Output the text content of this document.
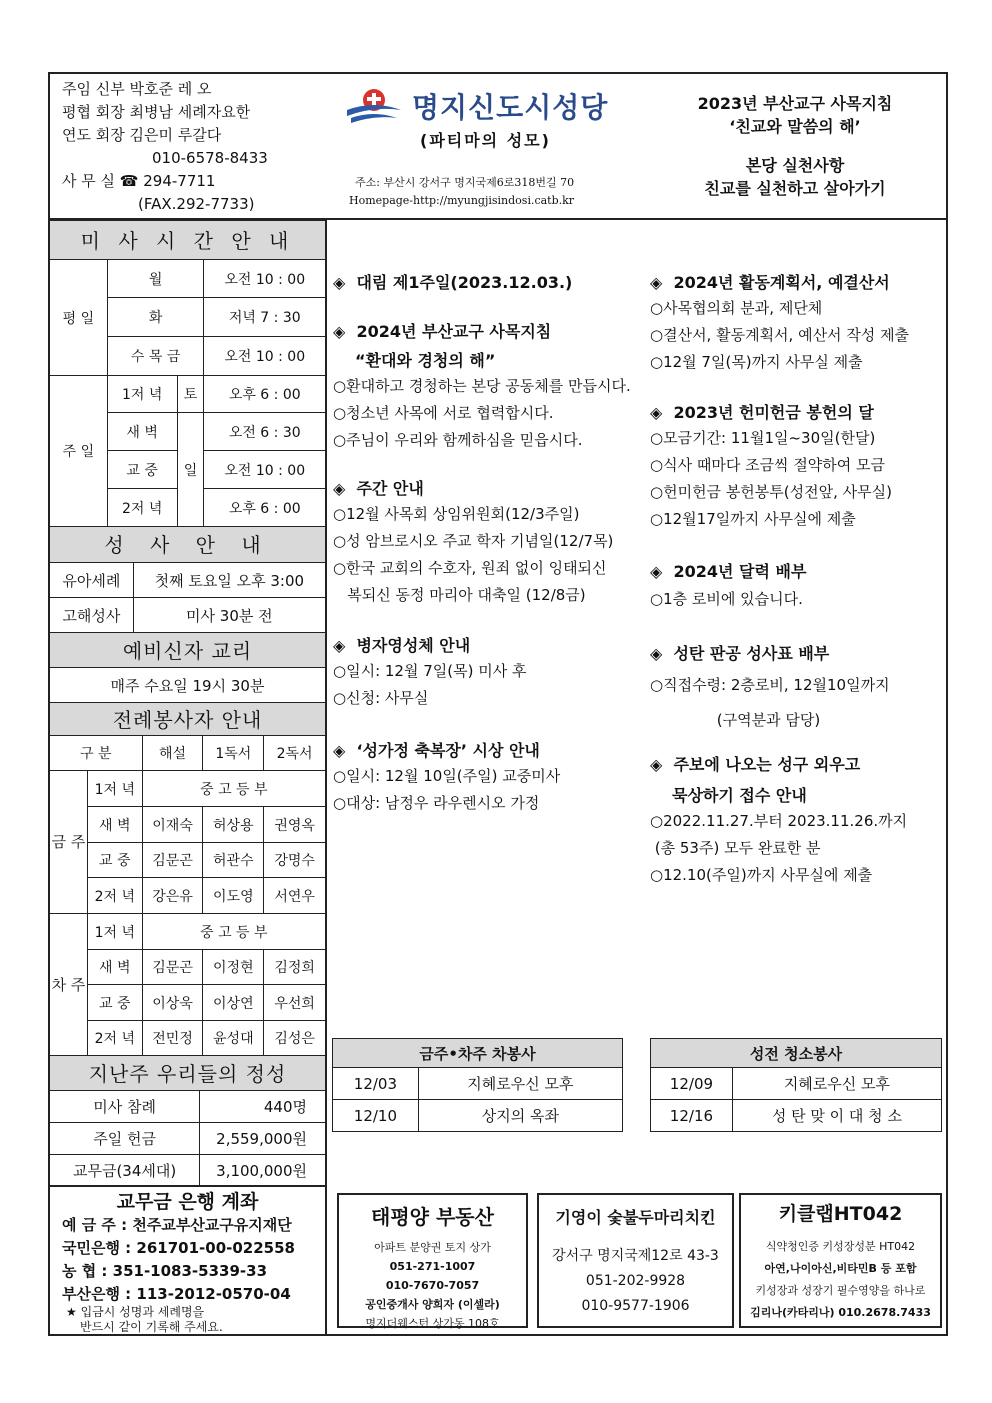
주임 신부 박호준 레 오
평협 회장 최병남 세례자요한
연도 회장 김은미 루갈다
010-6578-8433
사 무 실 ☎ 294-7711
(FAX.292-7733)
명지신도시성당
(파티마의 성모)
주소: 부산시 강서구 명지국제6로318번길 70
Homepage-http://myungjisindosi.catb.kr
2023년 부산교구 사목지침
‘친교와 말씀의 해’
본당 실천사항
친교를 실천하고 살아가기
미 사 시 간 안 내
평 일	월		오전 10 : 00
	화		저녁 7 : 30
	수 목 금		오전 10 : 00
주 일	1저 녁	토	오후 6 : 00
	새 벽	일	오전 6 : 30
	교 중		오전 10 : 00
	2저 녁		오후 6 : 00
성 사 안 내
유아세례	첫째 토요일 오후 3:00
고해성사	미사 30분 전
예비신자 교리
매주 수요일 19시 30분
전례봉사자 안내
구 분		해설	1독서	2독서
금 주	1저 녁	중 고 등 부		
	새 벽	이재숙	허상용	권영옥
	교 중	김문곤	허관수	강명수
	2저 녁	강은유	이도영	서연우
차 주	1저 녁	중 고 등 부		
	새 벽	김문곤	이정현	김정희
	교 중	이상욱	이상연	우선희
	2저 녁	전민정	윤성대	김성은
지난주 우리들의 정성
미사 참례	440명
주일 헌금	2,559,000원
교무금(34세대)	3,100,000원
교무금 은행 계좌
예 금 주 : 천주교부산교구유지재단
국민은행 : 261701-00-022558
농 협 : 351-1083-5339-33
부산은행 : 113-2012-0570-04
★ 입금시 성명과 세례명을
반드시 같이 기록해 주세요.
◈  대림 제1주일(2023.12.03.)
◈  2024년 부산교구 사목지침
“환대와 경청의 해”
○환대하고 경청하는 본당 공동체를 만듭시다.
○청소년 사목에 서로 협력합시다.
○주님이 우리와 함께하심을 믿읍시다.
◈  주간 안내
○12월 사목회 상임위원회(12/3주일)
○성 암브로시오 주교 학자 기념일(12/7목)
○한국 교회의 수호자, 원죄 없이 잉태되신
복되신 동정 마리아 대축일 (12/8금)
◈  병자영성체 안내
○일시: 12월 7일(목) 미사 후
○신청: 사무실
◈  ‘성가정 축복장’ 시상 안내
○일시: 12월 10일(주일) 교중미사
○대상: 남정우 라우렌시오 가정
◈  2024년 활동계획서, 예결산서
○사목협의회 분과, 제단체
○결산서, 활동계획서, 예산서 작성 제출
○12월 7일(목)까지 사무실 제출
◈  2023년 헌미헌금 봉헌의 달
○모금기간: 11월1일~30일(한달)
○식사 때마다 조금씩 절약하여 모금
○헌미헌금 봉헌봉투(성전앞, 사무실)
○12월17일까지 사무실에 제출
◈  2024년 달력 배부
○1층 로비에 있습니다.
◈  성탄 판공 성사표 배부
○직접수령: 2층로비, 12월10일까지
(구역분과 담당)
◈  주보에 나오는 성구 외우고
묵상하기 접수 안내
○2022.11.27.부터 2023.11.26.까지
(총 53주) 모두 완료한 분
○12.10(주일)까지 사무실에 제출
금주•차주 차봉사	
12/03	지혜로우신 모후
12/10	상지의 옥좌
성전 청소봉사	
12/09	지혜로우신 모후
12/16	성 탄 맞 이 대 청 소
태평양 부동산
아파트 분양권 토지 상가
051-271-1007
010-7670-7057
공인중개사 양희자 (이셀라)
명지더웨스턴 상가동 108호
기영이 숯불두마리치킨
강서구 명지국제12로 43-3
051-202-9928
010-9577-1906
키클랩HT042
식약청인증 키성장성분 HT042
아연,나이아신,비타민B 등 포함
키성장과 성장기 필수영양을 하나로
김리나(카타리나) 010.2678.7433
